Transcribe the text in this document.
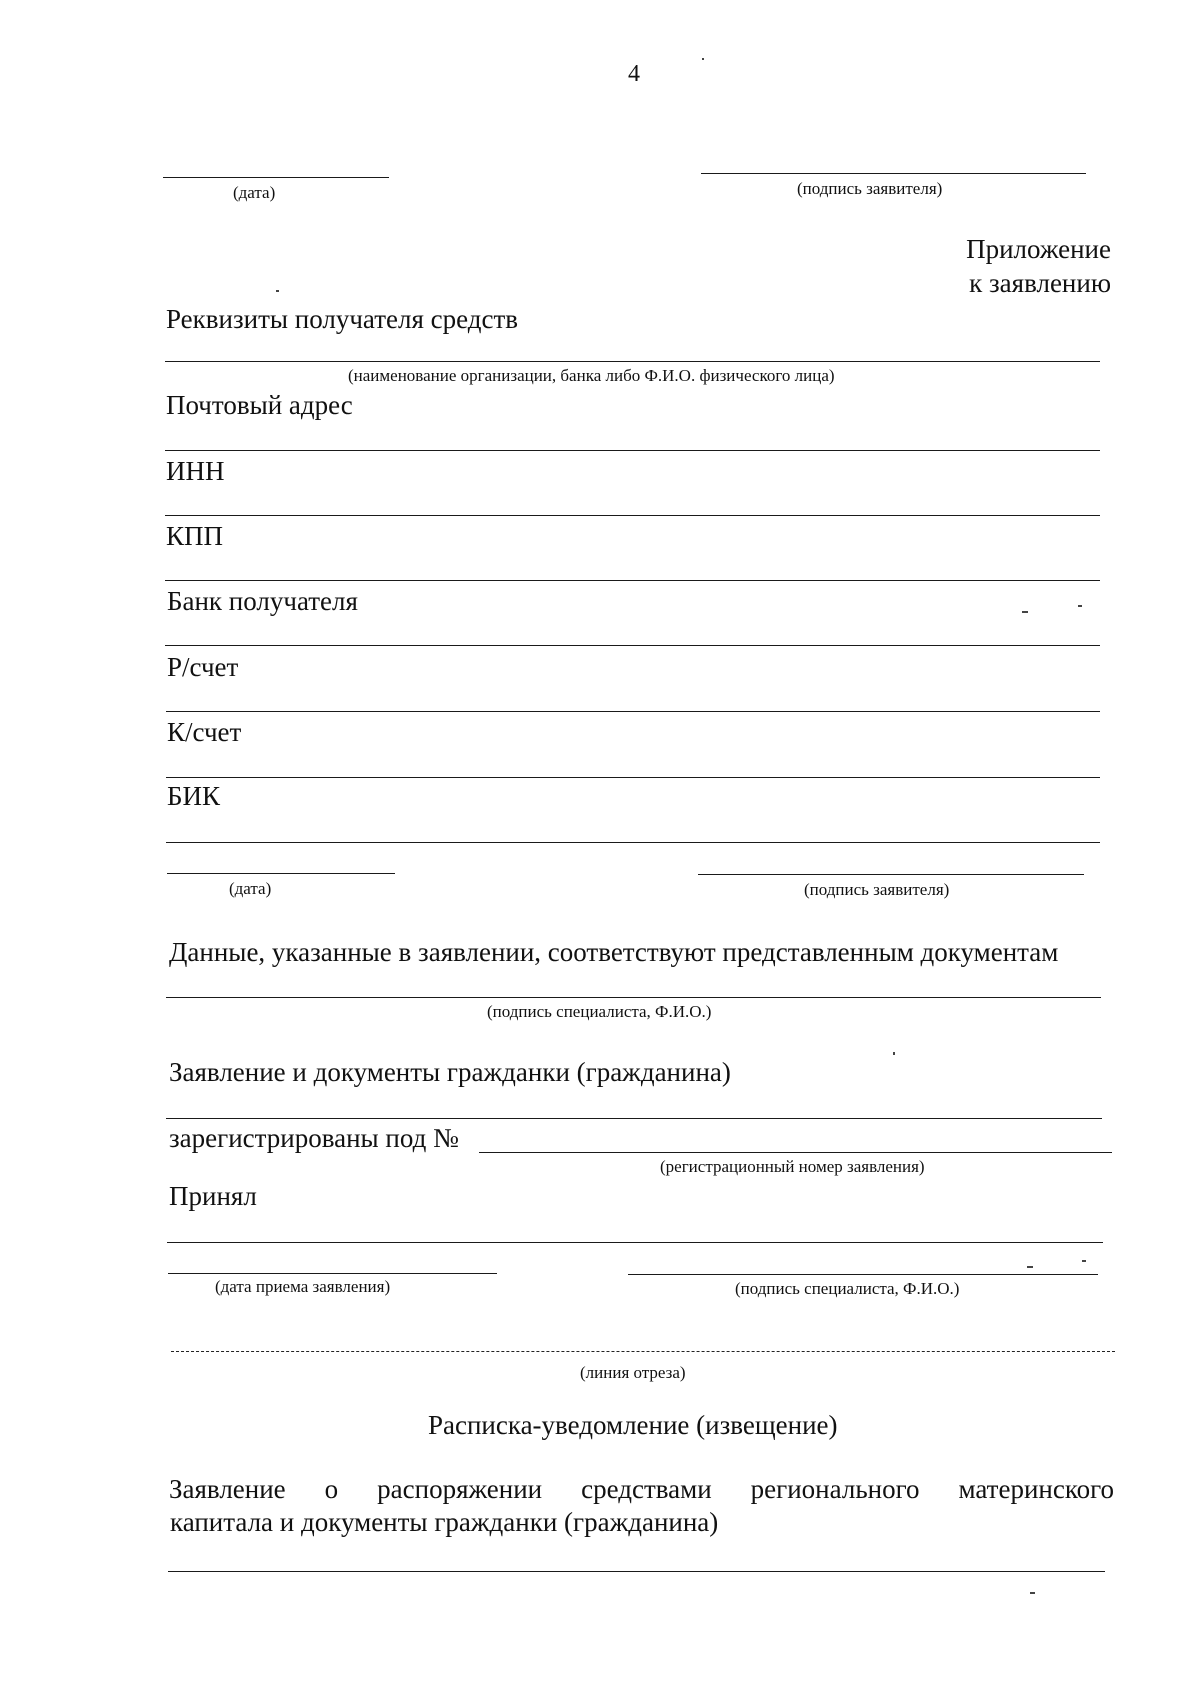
4
(дата)	(подпись заявителя)
Приложение
к заявлению
Реквизиты получателя средств
(наименование организации, банка либо Ф.И.О. физического лица)
Почтовый адрес
ИНН
КПП
Банк получателя
Р/счет
К/счет
БИК
(дата)	(подпись заявителя)
Данные, указанные в заявлении, соответствуют представленным документам
(подпись специалиста, Ф.И.О.)
Заявление и документы гражданки (гражданина)
зарегистрированы под №
(регистрационный номер заявления)
Принял
(дата приема заявления)	(подпись специалиста, Ф.И.О.)
(линия отреза)
Расписка-уведомление (извещение)
Заявление о распоряжении средствами регионального материнского
капитала и документы гражданки (гражданина)
